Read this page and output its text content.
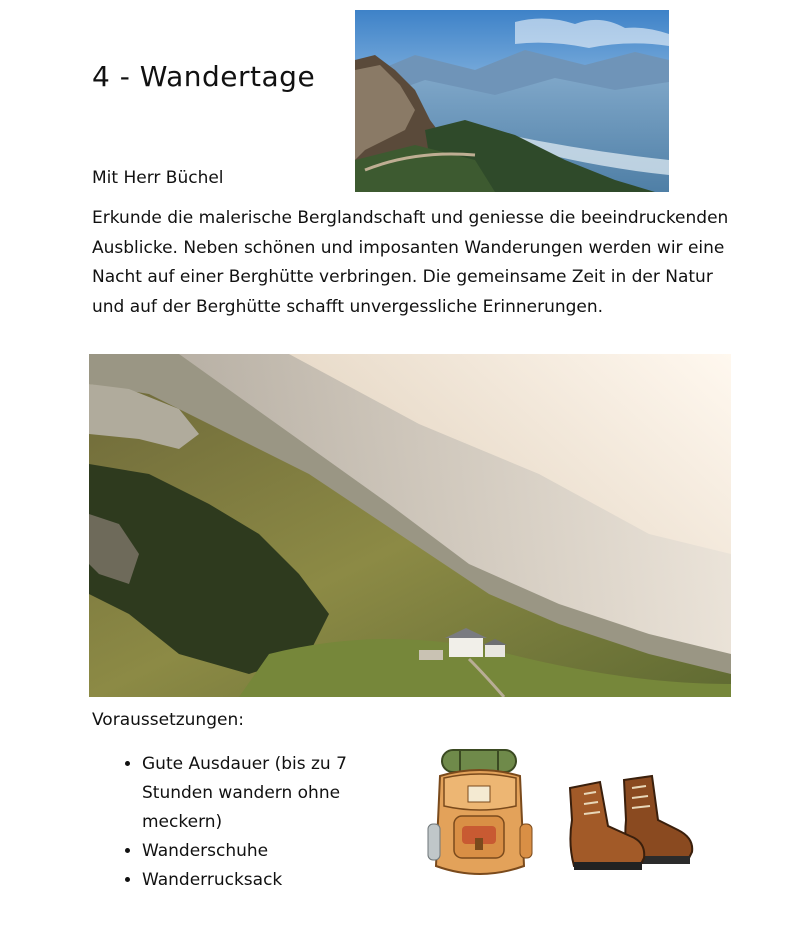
4 - Wandertage
Mit Herr Büchel
Erkunde die malerische Berglandschaft und geniesse die beeindruckenden Ausblicke. Neben schönen und imposanten Wanderungen werden wir eine Nacht auf einer Berghütte verbringen. Die gemeinsame Zeit in der Natur und auf der Berghütte schafft unvergessliche Erinnerungen.
Voraussetzungen:
• Gute Ausdauer (bis zu 7 Stunden wandern ohne meckern)
• Wanderschuhe
• Wanderrucksack
